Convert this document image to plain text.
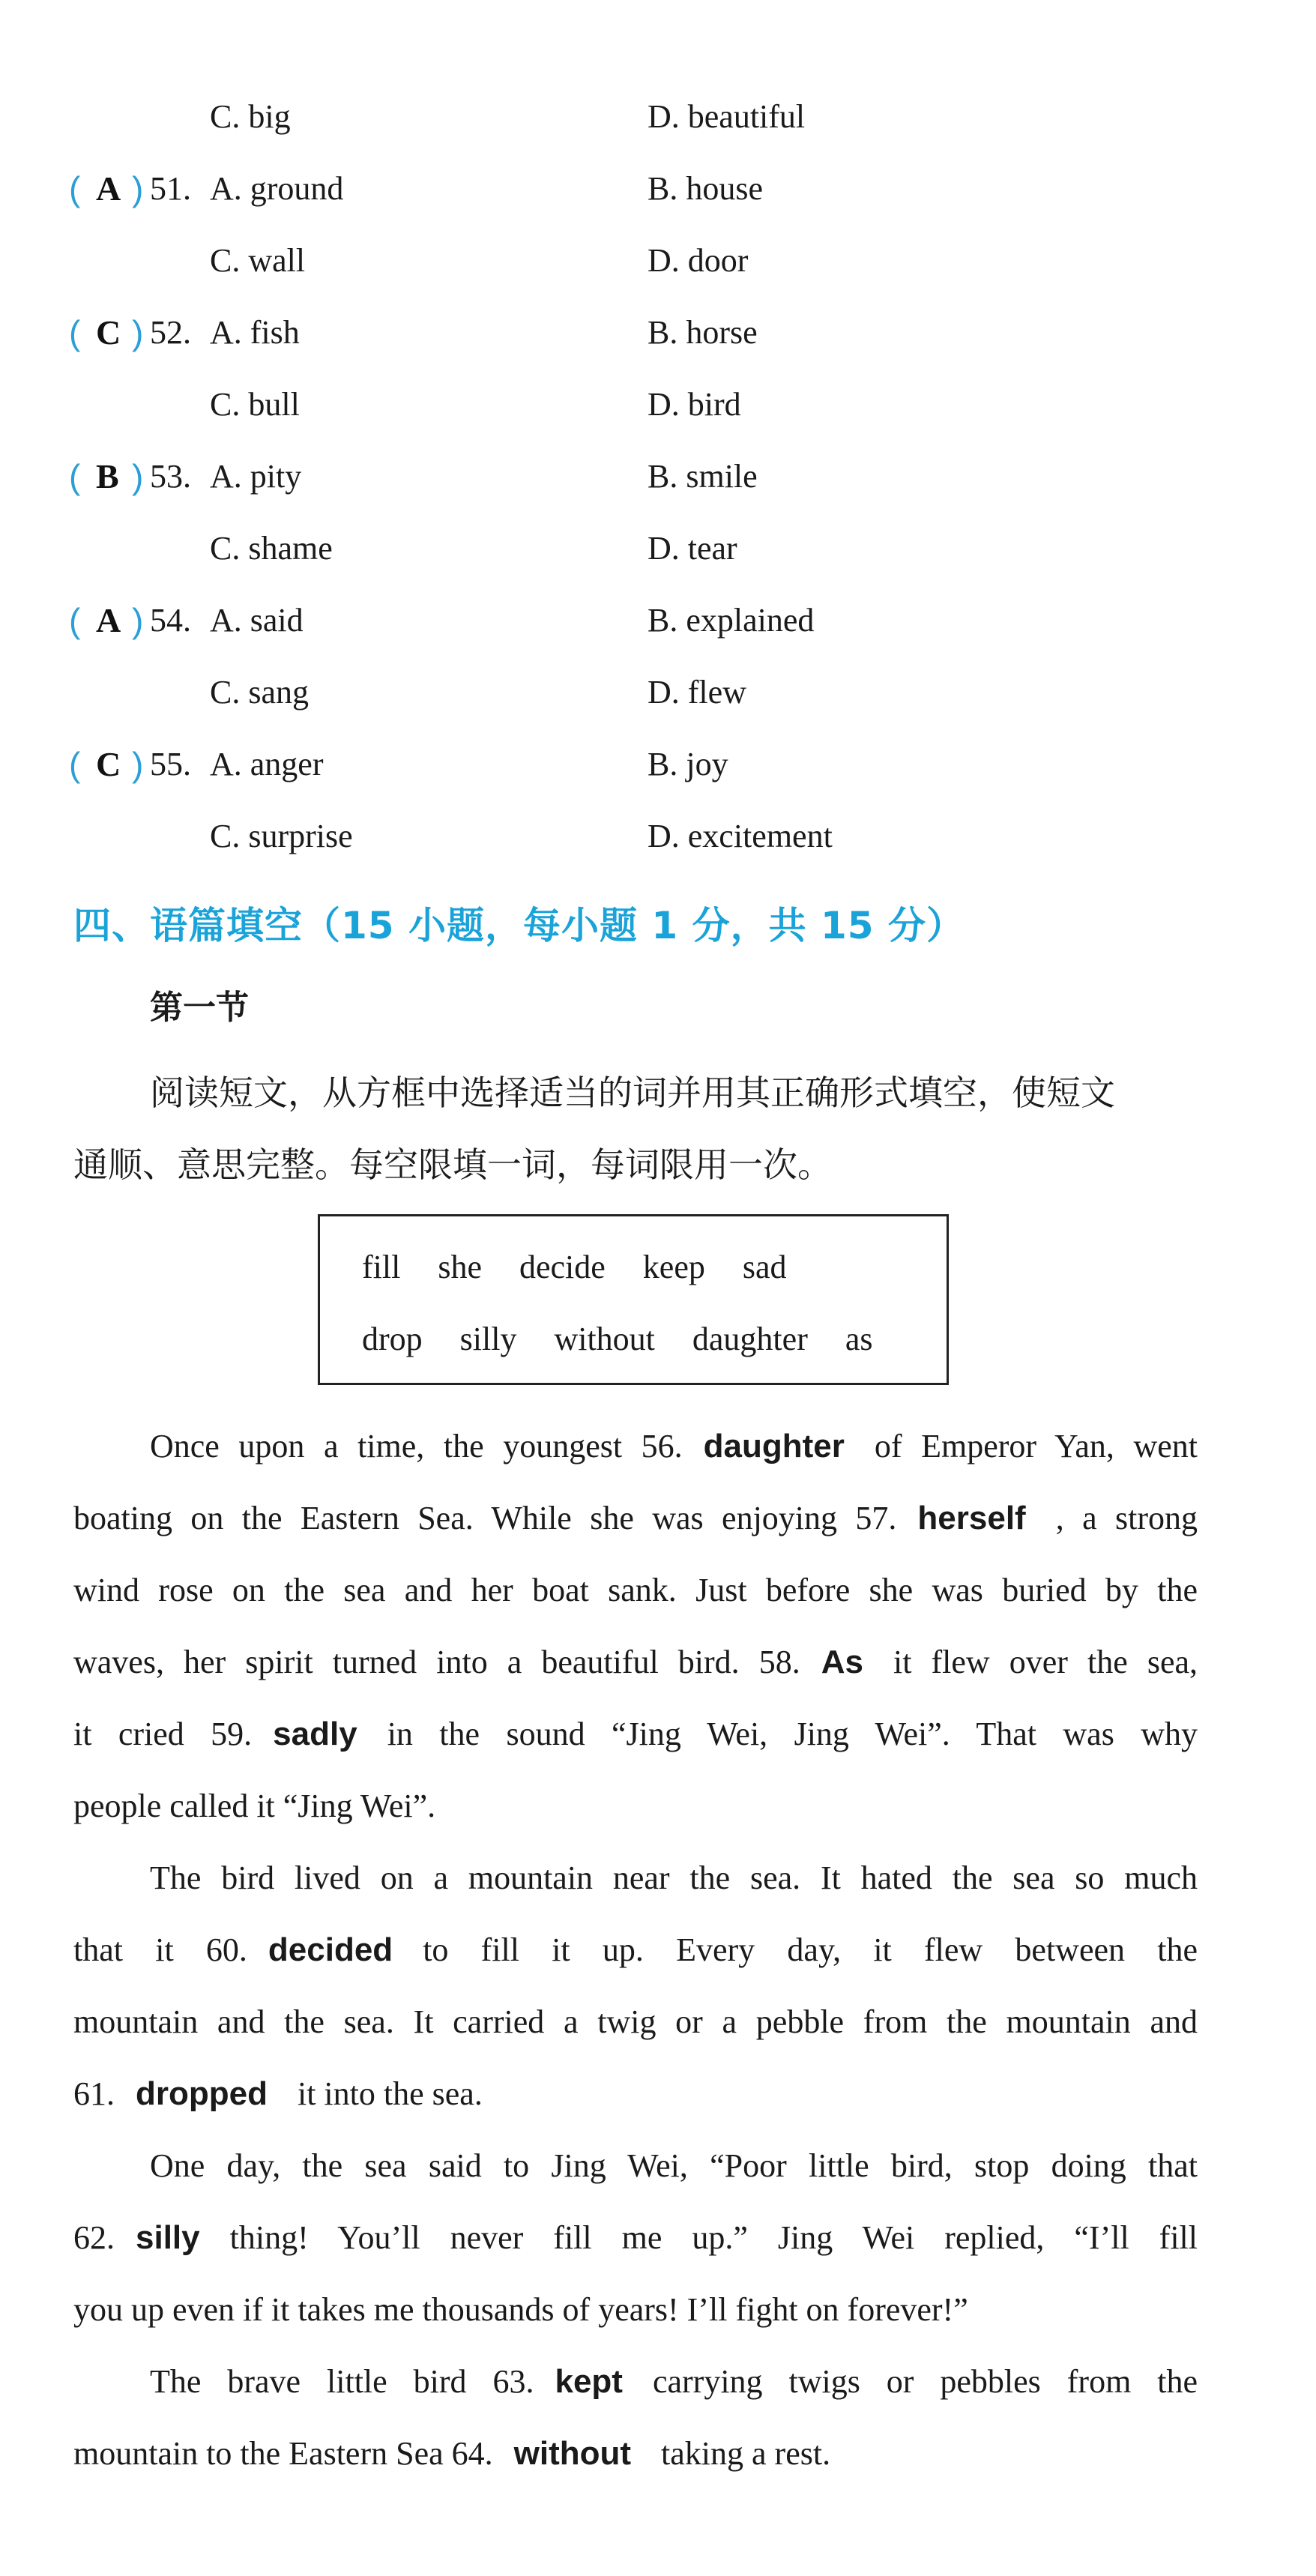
C. big	D. beautiful
( A ) 51. A. ground	B. house
C. wall	D. door
( C ) 52. A. fish	B. horse
C. bull	D. bird
( B ) 53. A. pity	B. smile
C. shame	D. tear
( A ) 54. A. said	B. explained
C. sang	D. flew
( C ) 55. A. anger	B. joy
C. surprise	D. excitement
四、语篇填空（15 小题，每小题 1 分，共 15 分）
第一节
阅读短文，从方框中选择适当的词并用其正确形式填空，使短文
通顺、意思完整。每空限填一词，每词限用一次。
fill she decide keep sad
drop silly without daughter as
Once upon a time, the youngest 56. daughter of Emperor Yan, went
boating on the Eastern Sea. While she was enjoying 57. herself , a strong
wind rose on the sea and her boat sank. Just before she was buried by the
waves, her spirit turned into a beautiful bird. 58. As it flew over the sea,
it cried 59. sadly in the sound “Jing Wei, Jing Wei”. That was why
people called it “Jing Wei”.
The bird lived on a mountain near the sea. It hated the sea so much
that it 60. decided to fill it up. Every day, it flew between the
mountain and the sea. It carried a twig or a pebble from the mountain and
61. dropped it into the sea.
One day, the sea said to Jing Wei, “Poor little bird, stop doing that
62. silly thing! You’ll never fill me up.” Jing Wei replied, “I’ll fill
you up even if it takes me thousands of years! I’ll fight on forever!”
The brave little bird 63. kept carrying twigs or pebbles from the
mountain to the Eastern Sea 64. without taking a rest.
